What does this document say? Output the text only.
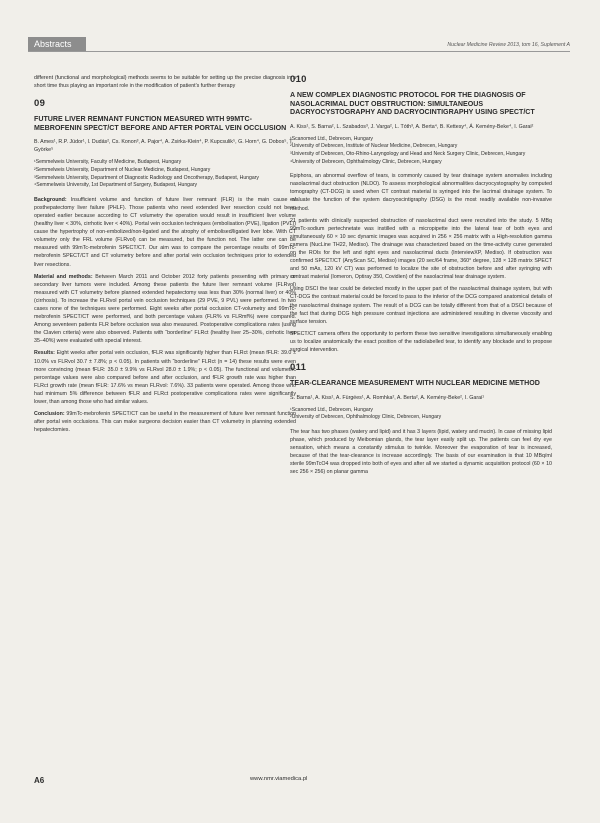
Abstracts	Nuclear Medicine Review 2013, tom 16, Suplement A

different (functional and morphological) methods seems to be suitable for setting up the precise diagnosis in a short time thus playing an important role in the modification of patient's further therapy

09
FUTURE LIVER REMNANT FUNCTION MEASURED WITH 99MTC-MEBROFENIN SPECT/CT BEFORE AND AFTER PORTAL VEIN OCCLUSION
B. Ames¹, R.P. Jüdor¹, I. Dudás², Cs. Konon³, A. Pajor⁴, A. Zsirka-Klein⁴, P. Kupcsulik⁵, G. Horn⁴, G. Dobos⁵, T. Györke⁵
¹Semmelweis University, Faculty of Medicine, Budapest, Hungary
²Semmelweis University, Department of Nuclear Medicine, Budapest, Hungary
³Semmelweis University, Department of Diagnostic Radiology and Oncotherapy, Budapest, Hungary
⁴Semmelweis University, 1st Department of Surgery, Budapest, Hungary

Background: Insufficient volume and function of future liver remnant (FLR) is the main cause of posthepatectomy liver failure (PHLF). Those patients who need extended liver resection could not been operated earlier because according to CT volumetry the operation would result in insufficient liver volume (healthy liver < 30%, cirrhotic liver < 40%). Portal vein occlusion techniques (embolisation (PVE), ligation (PVL)) cause the hypertrophy of non-embolized/non-ligated and the atrophy of embolised/ligated liver lobe. With CT volumetry only the FRL volume (FLRvol) can be measured, but the function not. The latter one can be measured with 99mTc-mebrofenin SPECT/CT. Our aim was to compare the percentage results of 99mTc-mebrofenin SPECT/CT and CT volumetry before and after portal vein occlusion techniques prior to extended liver resections.

Material and methods: Between March 2011 and October 2012 forty patients presenting with primary or secondary liver tumors were included. Among these patients the future liver remnant volume (FLRvol) measured with CT volumetry before planned extended hepatectomy was less than 30% (normal liver) or 40% (cirrhosis). To increase the FLRvol portal vein occlusion techniques (29 PVE, 9 PVL) were performed. In two cases none of the techniques were performed. Eight weeks after portal occlusion CT-volumetry and 99mTc-mebrofenin SPECT/CT were performed, and both percentage values (FLR% vs FLRmf%) were compared. Among seventeen patients FLR before occlusion was also measured. Postoperative complications rates (using the Clavien criteria) were also observed. Patients with “borderline” FLRct (healthy liver 25–30%, cirrhotic liver 35–40%) were evaluated with special interest.

Results: Eight weeks after portal vein occlusion, fFLR was significantly higher than FLRct (mean fFLR: 39.0 ± 10.0% vs FLRvol 30.7 ± 7.8%; p < 0.05). In patients with “borderline” FLRct (n = 14) these results were even more convincing (mean fFLR: 35.0 ± 9.9% vs FLRvol 28.0 ± 1.9%; p < 0.05). The functional and volumetric percentage values were also compared before and after occlusion, and fFLR growth rate was higher than FLRct growth rate (mean fFLR: 17.6% vs mean FLRvol: 7.6%). 33 patients were operated. Among those who had minimum 5% difference between fFLR and FLRct postoperative complications rates were significantly lower, than among those who had similar values.

Conclusion: 99mTc-mebrofenin SPECT/CT can be useful in the measurement of future liver remnant function after portal vein occlusions. This can make surgeons decision easier than CT volumetry in planning extended hepatectomies.

010
A NEW COMPLEX DIAGNOSTIC PROTOCOL FOR THE DIAGNOSIS OF NASOLACRIMAL DUCT OBSTRUCTION: SIMULTANEOUS DACRYOCYSTOGRAPHY AND DACRYOCINTIGRAPHY USING SPECT/CT
A. Kiss¹, S. Barna², L. Szabados³, J. Varga², L. Tóth³, A. Berta⁴, B. Kettesy⁴, Á. Kemény-Beke⁴, I. Garai²
¹Scanomed Ltd., Debrecen, Hungary
²University of Debrecen, Institute of Nuclear Medicine, Debrecen, Hungary
³University of Debrecen, Oto-Rhino-Laryngology and Head and Neck Surgery Clinic, Debrecen, Hungary
⁴University of Debrecen, Ophthalmology Clinic, Debrecen, Hungary

Epiphora, an abnormal overflow of tears, is commonly caused by tear drainage system anomalies including nasolacrimal duct obstruction (NLDO). To assess morphological abnormalities dacryocystography by computed tomography (CT-DCG) is used when CT contrast material is syringed into the lacrimal drainage system. To evaluate the function of the system dacryoscintigraphy (DSG) is the most readily available non-invasive method.

21 patients with clinically suspected obstruction of nasolacrimal duct were recruited into the study. 5 MBq 99mTc-sodium pertechnetate was instilled with a micropipette into the lateral tear of both eyes and simultaneously 60 × 10 sec dynamic images was acquired in 256 × 256 matrix with a High-resolution gamma camera (NucLine TH22, Mediso). The drainage was characterized based on the time-activity curve generated on the ROIs for the left and right eyes and nasolacrimal ducts (InterviewXP, Mediso). If obstruction was confirmed SPECT/CT (AnyScan SC, Mediso) images (20 sec/64 frame, 360° degree, 128 × 128 matrix SPECT and 50 mAs, 120 kV CT) was performed to localize the site of obstruction before and after syringing with contrast material (Iomeron, Optiray 350, Covidien) of the nasolacrimal tear drainage system.

Using DSCI the tear could be detected mostly in the upper part of the nasolacrimal drainage system, but with CT-DCG the contrast material could be forced to pass to the inferior of the DCG compared anatomical details of the nasolacrimal drainage system. The result of a DCG can be totally different from that of a DSCI because of the fact that during DCG high pressure contrast injections are administered resulting in diverse viscosity and surface tension.

SPECT/CT camera offers the opportunity to perform these two sensitive investigations simultaneously enabling us to localize anatomically the exact position of the radiolabelled tear, to identify any blockade and to propose surgical intervention.

011
TEAR-CLEARANCE MEASUREMENT WITH NUCLEAR MEDICINE METHOD
S. Barna¹, A. Kiss¹, A. Fürgées¹, A. Romhka², A. Berta², A. Kemény-Beke², I. Garai¹
¹Scanomed Ltd., Debrecen, Hungary
²University of Debrecen, Ophthalmology Clinic, Debrecen, Hungary

The tear has two phases (watery and lipid) and it has 3 layers (lipid, watery and mucin). In case of missing lipid phase, which produced by Meibomian glands, the tear layer easily split up. The patients can feel dry eye sensation, which means a constantly stimulus to twinkle. Moreover the evaporation of tear is increased, because of that the tear-clearance is increase accordingly. The basis of our examination is that 10 MBq/ml sterile 99mTcO4 was dropped into both of eyes and after all we started a dynamic acquisition protocol (60 × 10 sec 256 × 256) on planar gamma

A6	www.nmr.viamedica.pl
